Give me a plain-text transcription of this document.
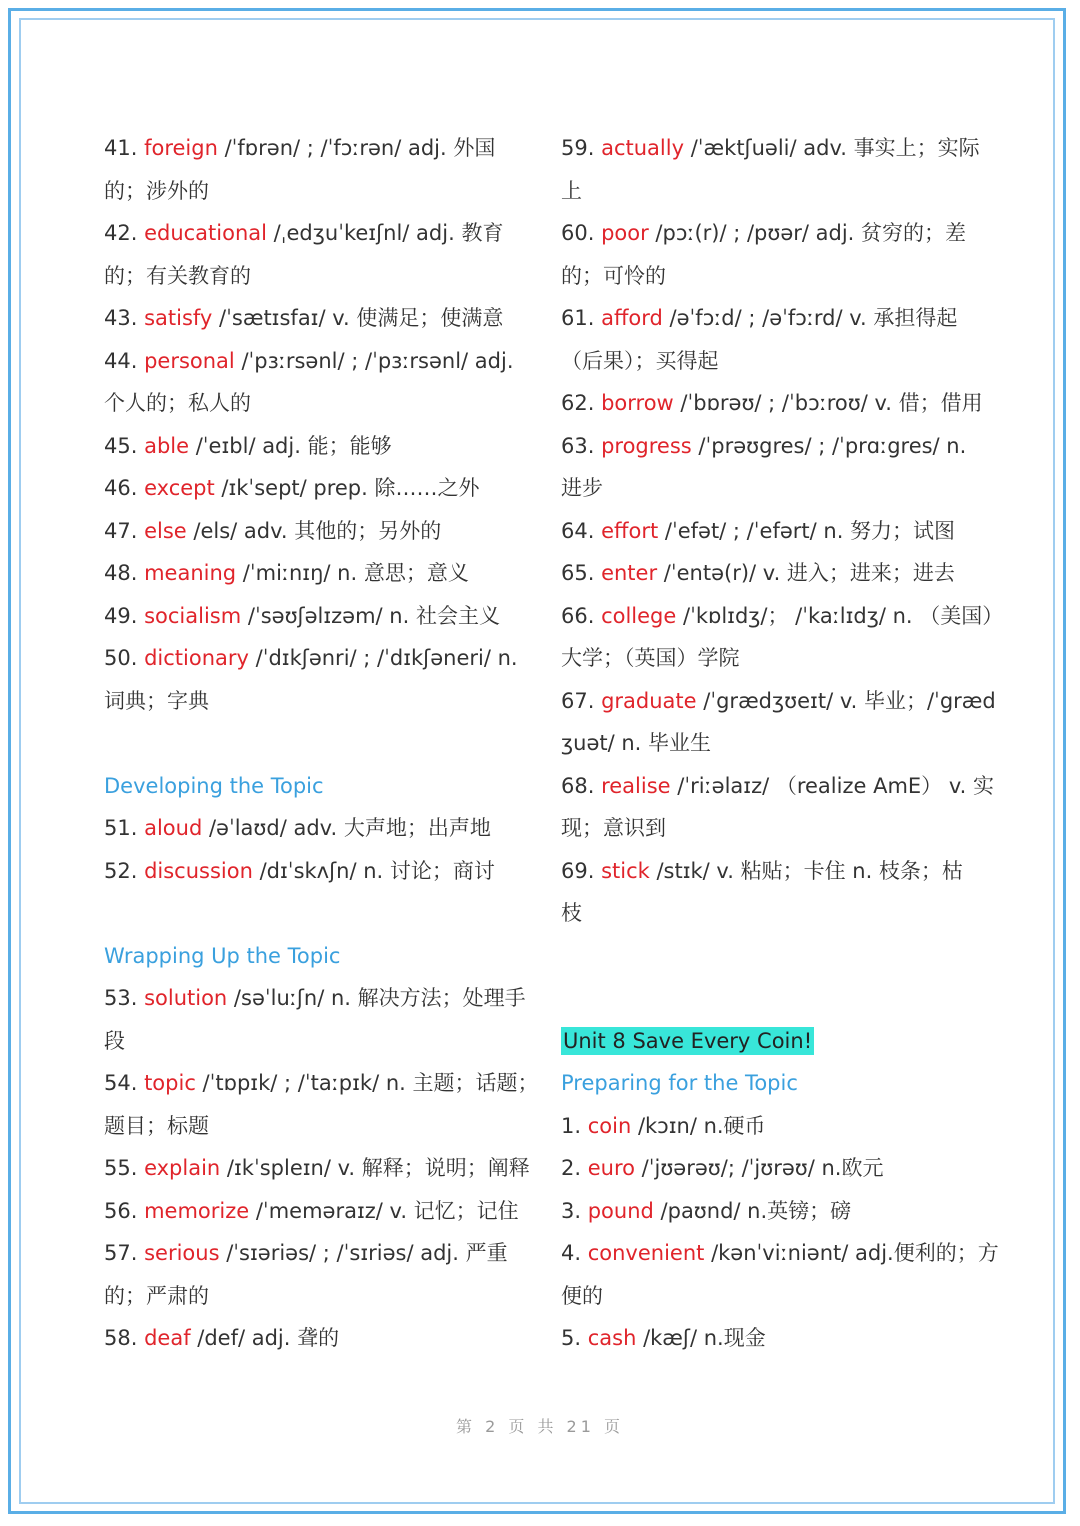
41. foreign /ˈfɒrən/ ; /ˈfɔːrən/ adj. 外国
的；涉外的
42. educational /ˌedʒuˈkeɪʃnl/ adj. 教育
的；有关教育的
43. satisfy /ˈsætɪsfaɪ/ v. 使满足；使满意
44. personal /ˈpɜːrsənl/ ; /ˈpɜːrsənl/ adj.
个人的；私人的
45. able /ˈeɪbl/ adj. 能；能够
46. except /ɪkˈsept/ prep. 除……之外
47. else /els/ adv. 其他的；另外的
48. meaning /ˈmiːnɪŋ/ n. 意思；意义
49. socialism /ˈsəʊʃəlɪzəm/ n. 社会主义
50. dictionary /ˈdɪkʃənri/ ; /ˈdɪkʃəneri/ n.
词典；字典
Developing the Topic
51. aloud /əˈlaʊd/ adv. 大声地；出声地
52. discussion /dɪˈskʌʃn/ n. 讨论；商讨
Wrapping Up the Topic
53. solution /səˈluːʃn/ n. 解决方法；处理手
段
54. topic /ˈtɒpɪk/ ; /ˈtaːpɪk/ n. 主题；话题；
题目；标题
55. explain /ɪkˈspleɪn/ v. 解释；说明；阐释
56. memorize /ˈmeməraɪz/ v. 记忆；记住
57. serious /ˈsɪəriəs/ ; /ˈsɪriəs/ adj. 严重
的；严肃的
58. deaf /def/ adj. 聋的
59. actually /ˈæktʃuəli/ adv. 事实上；实际
上
60. poor /pɔː(r)/ ; /pʊər/ adj. 贫穷的；差
的；可怜的
61. afford /əˈfɔːd/ ; /əˈfɔːrd/ v. 承担得起
（后果）；买得起
62. borrow /ˈbɒrəʊ/ ; /ˈbɔːroʊ/ v. 借；借用
63. progress /ˈprəʊgres/ ; /ˈprɑːgres/ n.
进步
64. effort /ˈefət/ ; /ˈefərt/ n. 努力；试图
65. enter /ˈentə(r)/ v. 进入；进来；进去
66. college /ˈkɒlɪdʒ/； /ˈkaːlɪdʒ/ n. （美国）
大学；（英国）学院
67. graduate /ˈgrædʒʊeɪt/ v. 毕业；/ˈgræd
ʒuət/ n. 毕业生
68. realise /ˈriːəlaɪz/ （realize AmE） v. 实
现；意识到
69. stick /stɪk/ v. 粘贴；卡住 n. 枝条；枯
枝
Unit 8 Save Every Coin!
Preparing for the Topic
1. coin /kɔɪn/ n.硬币
2. euro /ˈjʊərəʊ/; /ˈjʊrəʊ/ n.欧元
3. pound /paʊnd/ n.英镑；磅
4. convenient /kənˈviːniənt/ adj.便利的；方
便的
5. cash /kæʃ/ n.现金
第 2 页 共 21 页
